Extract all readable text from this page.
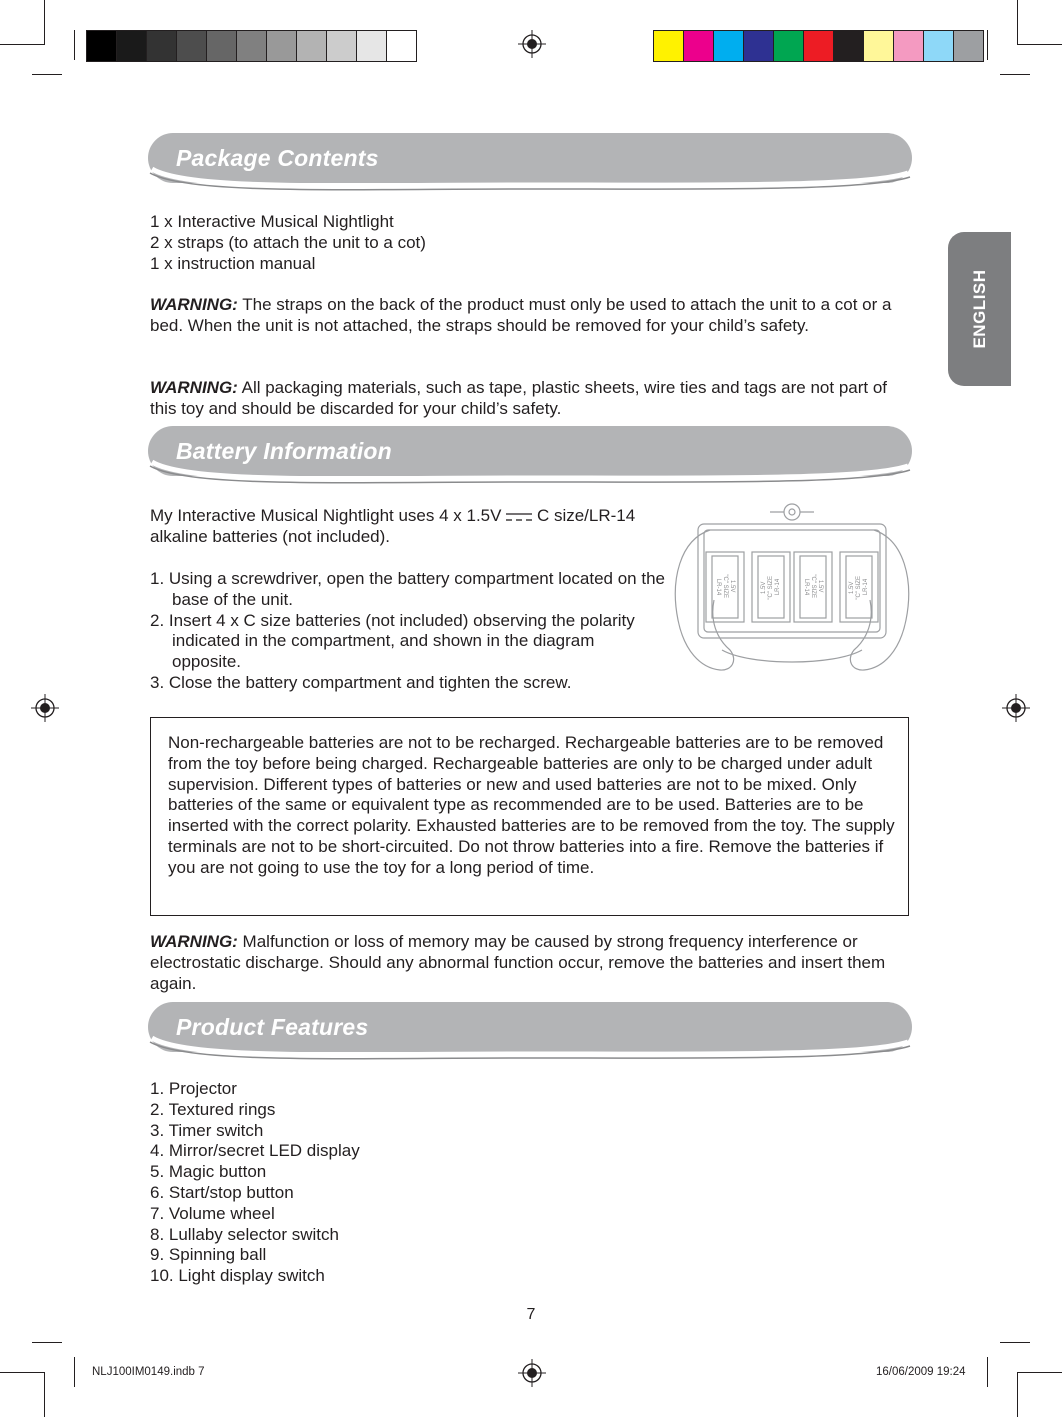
ENGLISH
Package Contents

1 x Interactive Musical Nightlight

2 x straps (to attach the unit to a cot)

1 x instruction manual

WARNING: The straps on the back of the product must only be used to attach the unit to a cot or a bed. When the unit is not attached, the straps should be removed for your child’s safety.

WARNING: All packaging materials, such as tape, plastic sheets, wire ties and tags are not part of this toy and should be discarded for your child’s safety.

Battery Information

My Interactive Musical Nightlight uses 4 x 1.5V C size/LR-14 alkaline batteries (not included).

1. Using a screwdriver, open the battery compartment located on the base of the unit.
2. Insert 4 x C size batteries (not included) observing the polarity indicated in the compartment, and shown in the diagram opposite.
3. Close the battery compartment and tighten the screw.
1.5V "C" SIZE LR-14	1.5V "C" SIZE LR-14	1.5V "C" SIZE LR-14	1.5V "C" SIZE LR-14

Non-rechargeable batteries are not to be recharged. Rechargeable batteries are to be removed from the toy before being charged. Rechargeable batteries are only to be charged under adult supervision. Different types of batteries or new and used batteries are not to be mixed. Only batteries of the same or equivalent type as recommended are to be used. Batteries are to be inserted with the correct polarity. Exhausted batteries are to be removed from the toy. The supply terminals are not to be short-circuited. Do not throw batteries into a fire. Remove the batteries if you are not going to use the toy for a long period of time.

WARNING: Malfunction or loss of memory may be caused by strong frequency interference or electrostatic discharge. Should any abnormal function occur, remove the batteries and insert them again.

Product Features
1. Projector
2. Textured rings
3. Timer switch
4. Mirror/secret LED display
5. Magic button
6. Start/stop button
7. Volume wheel
8. Lullaby selector switch
9. Spinning ball
10. Light display switch
7
NLJ100IM0149.indb 7	16/06/2009 19:24
